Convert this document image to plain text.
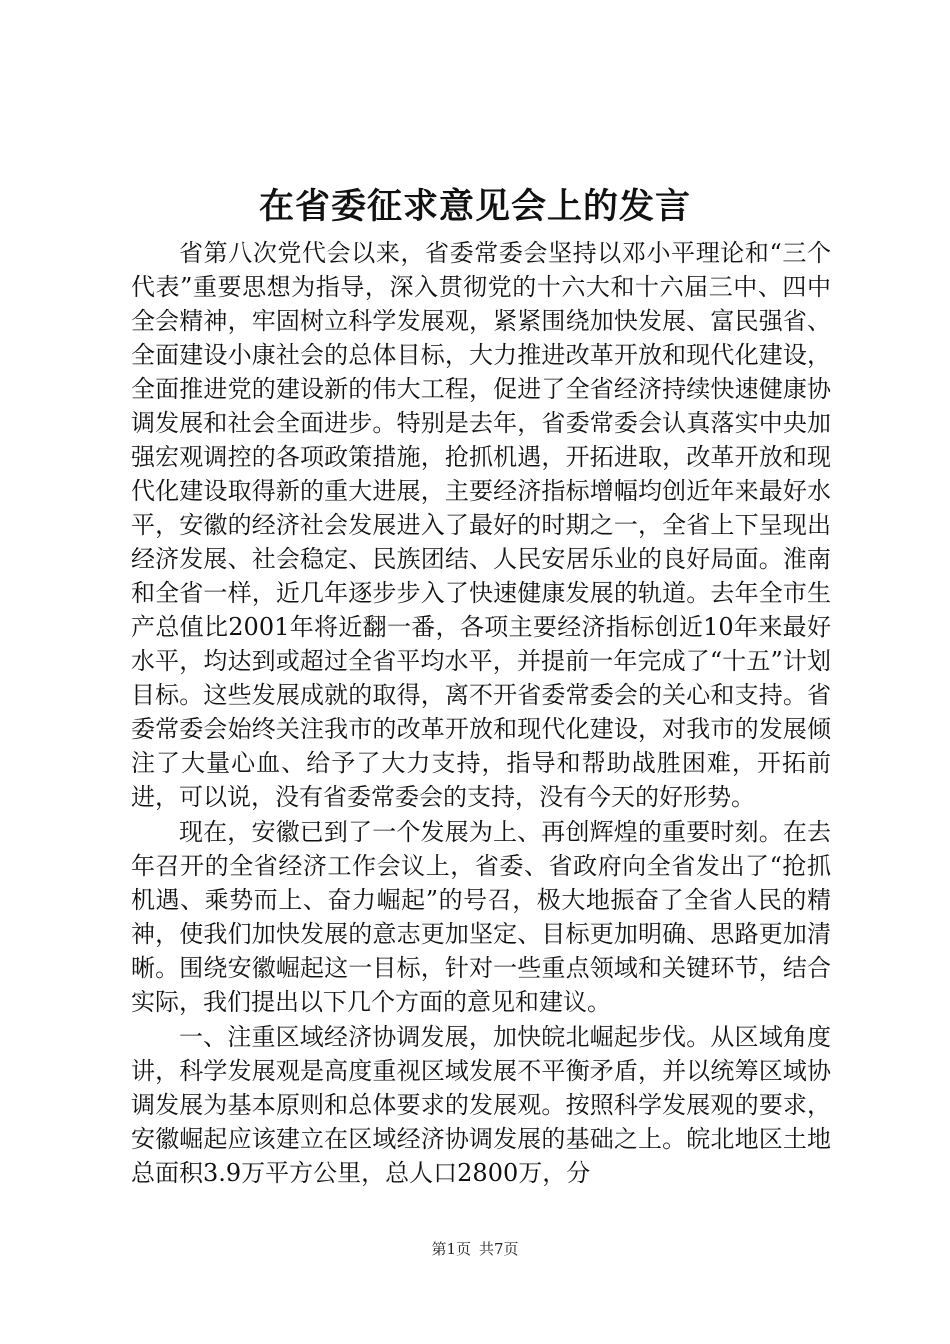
在省委征求意见会上的发言

省第八次党代会以来，省委常委会坚持以邓小平理论和“三个代表”重要思想为指导，深入贯彻党的十六大和十六届三中、四中全会精神，牢固树立科学发展观，紧紧围绕加快发展、富民强省、全面建设小康社会的总体目标，大力推进改革开放和现代化建设，全面推进党的建设新的伟大工程，促进了全省经济持续快速健康协调发展和社会全面进步。特别是去年，省委常委会认真落实中央加强宏观调控的各项政策措施，抢抓机遇，开拓进取，改革开放和现代化建设取得新的重大进展，主要经济指标增幅均创近年来最好水平，安徽的经济社会发展进入了最好的时期之一，全省上下呈现出经济发展、社会稳定、民族团结、人民安居乐业的良好局面。淮南和全省一样，近几年逐步步入了快速健康发展的轨道。去年全市生产总值比2001年将近翻一番，各项主要经济指标创近10年来最好水平，均达到或超过全省平均水平，并提前一年完成了“十五”计划目标。这些发展成就的取得，离不开省委常委会的关心和支持。省委常委会始终关注我市的改革开放和现代化建设，对我市的发展倾注了大量心血、给予了大力支持，指导和帮助战胜困难，开拓前进，可以说，没有省委常委会的支持，没有今天的好形势。

现在，安徽已到了一个发展为上、再创辉煌的重要时刻。在去年召开的全省经济工作会议上，省委、省政府向全省发出了“抢抓机遇、乘势而上、奋力崛起”的号召，极大地振奋了全省人民的精神，使我们加快发展的意志更加坚定、目标更加明确、思路更加清晰。围绕安徽崛起这一目标，针对一些重点领域和关键环节，结合实际，我们提出以下几个方面的意见和建议。

一、注重区域经济协调发展，加快皖北崛起步伐。从区域角度讲，科学发展观是高度重视区域发展不平衡矛盾，并以统筹区域协调发展为基本原则和总体要求的发展观。按照科学发展观的要求，安徽崛起应该建立在区域经济协调发展的基础之上。皖北地区土地总面积3.9万平方公里，总人口2800万，分

第1页 共7页
